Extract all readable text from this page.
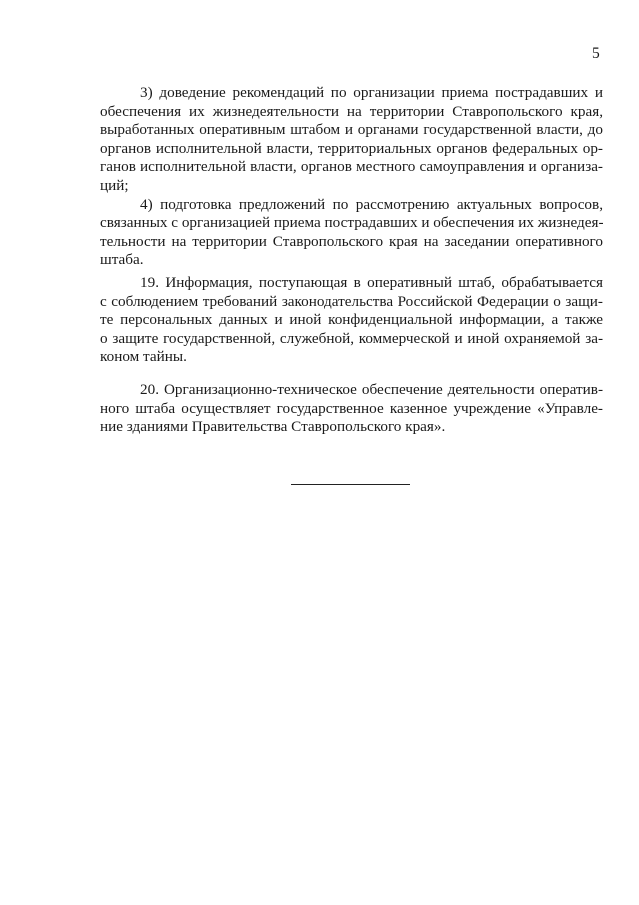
5
3) доведение рекомендаций по организации приема пострадавших и
обеспечения их жизнедеятельности на территории Ставропольского края,
выработанных оперативным штабом и органами государственной власти, до
органов исполнительной власти, территориальных органов федеральных ор-
ганов исполнительной власти, органов местного самоуправления и организа-
ций;
4) подготовка предложений по рассмотрению актуальных вопросов,
связанных с организацией приема пострадавших и обеспечения их жизнедея-
тельности на территории Ставропольского края на заседании оперативного
штаба.
19. Информация, поступающая в оперативный штаб, обрабатывается
с соблюдением требований законодательства Российской Федерации о защи-
те персональных данных и иной конфиденциальной информации, а также
о защите государственной, служебной, коммерческой и иной охраняемой за-
коном тайны.
20. Организационно-техническое обеспечение деятельности оператив-
ного штаба осуществляет государственное казенное учреждение «Управле-
ние зданиями Правительства Ставропольского края».
